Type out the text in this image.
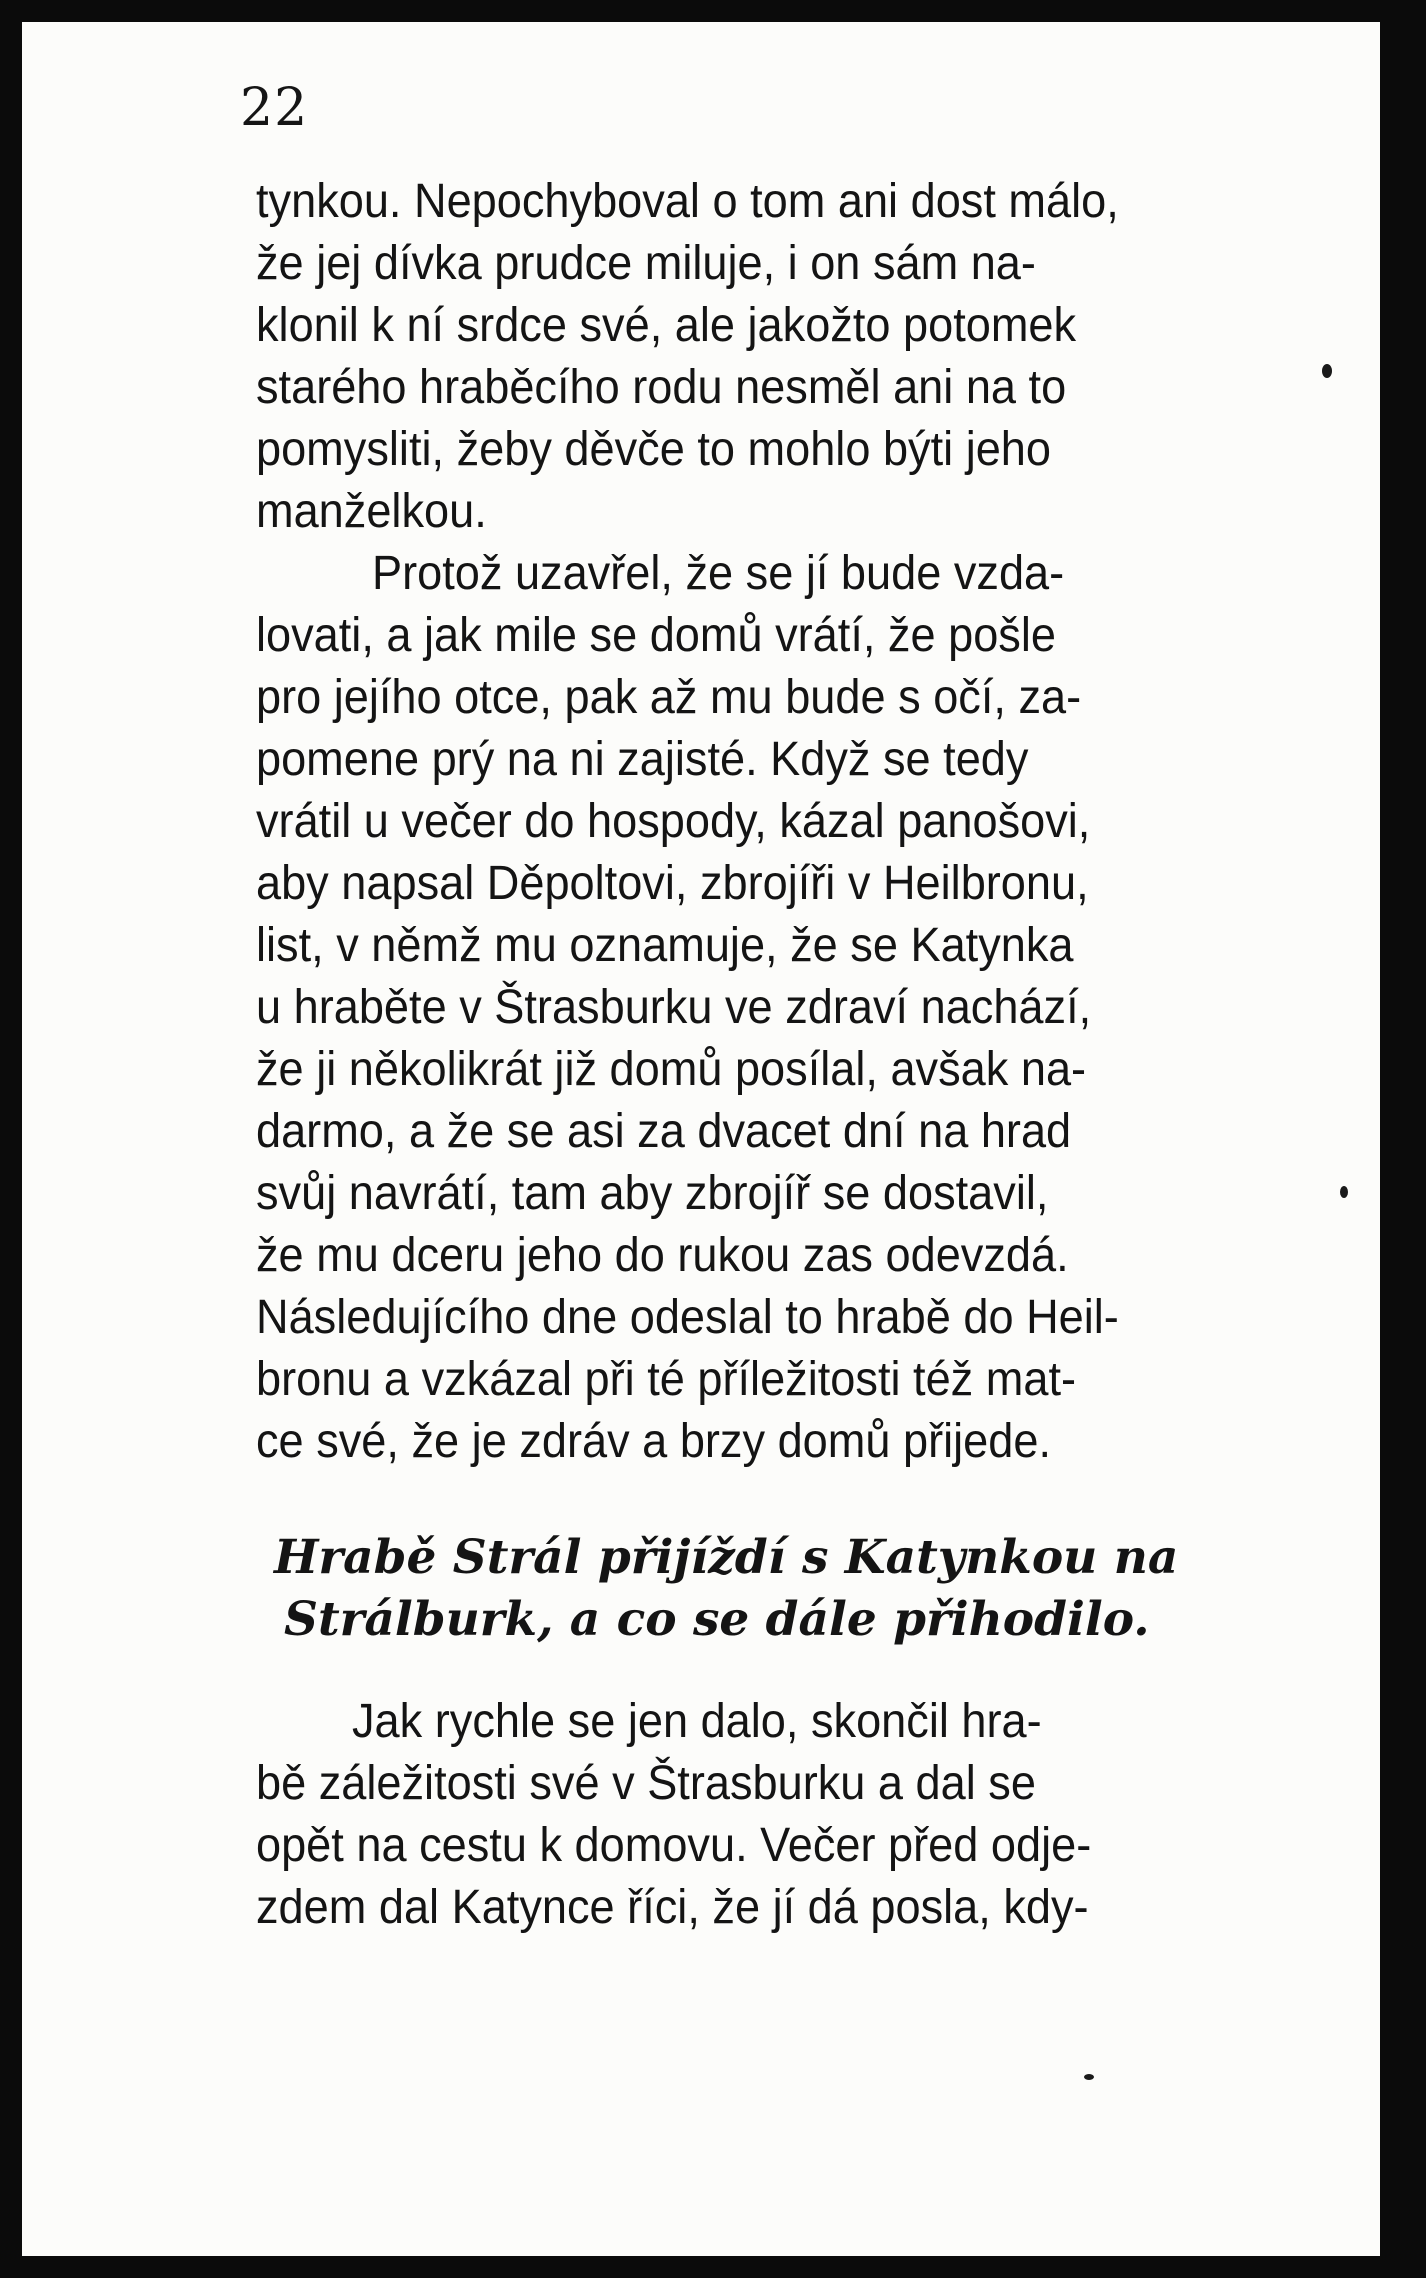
22
tynkou. Nepochyboval o tom ani dost málo,
že jej dívka prudce miluje, i on sám na-
klonil k ní srdce své, ale jakožto potomek
starého hraběcího rodu nesměl ani na to
pomysliti, žeby děvče to mohlo býti jeho
manželkou.
Protož uzavřel, že se jí bude vzda-
lovati, a jak mile se domů vrátí, že pošle
pro jejího otce, pak až mu bude s očí, za-
pomene prý na ni zajisté. Když se tedy
vrátil u večer do hospody, kázal panošovi,
aby napsal Děpoltovi, zbrojíři v Heilbronu,
list, v němž mu oznamuje, že se Katynka
u hraběte v Štrasburku ve zdraví nachází,
že ji několikrát již domů posílal, avšak na-
darmo, a že se asi za dvacet dní na hrad
svůj navrátí, tam aby zbrojíř se dostavil,
že mu dceru jeho do rukou zas odevzdá.
Následujícího dne odeslal to hrabě do Heil-
bronu a vzkázal při té příležitosti též mat-
ce své, že je zdráv a brzy domů přijede.
Hrabě Strál přijíždí s Katynkou na
Strálburk, a co se dále přihodilo.
Jak rychle se jen dalo, skončil hra-
bě záležitosti své v Štrasburku a dal se
opět na cestu k domovu. Večer před odje-
zdem dal Katynce říci, že jí dá posla, kdy-
